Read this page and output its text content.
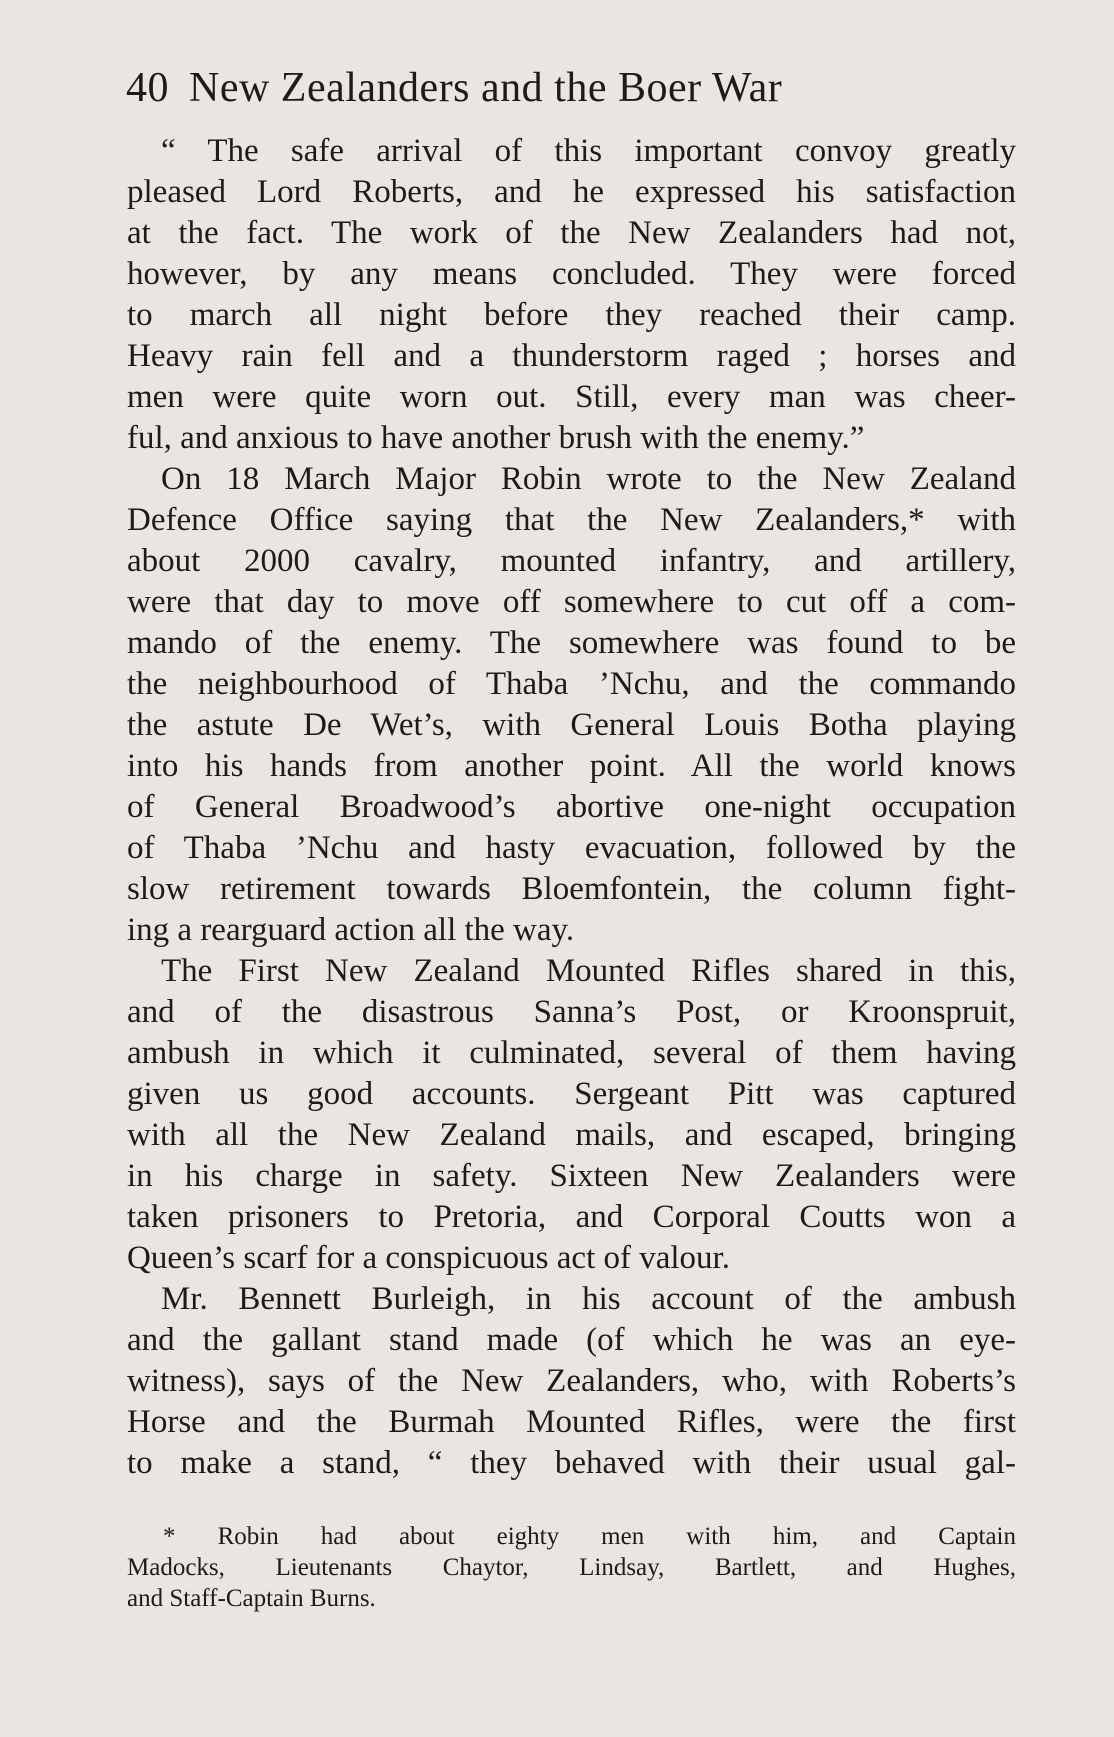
40 New Zealanders and the Boer War
“ The safe arrival of this important convoy greatly
pleased Lord Roberts, and he expressed his satisfaction
at the fact. The work of the New Zealanders had not,
however, by any means concluded. They were forced
to march all night before they reached their camp.
Heavy rain fell and a thunderstorm raged ; horses and
men were quite worn out. Still, every man was cheer-
ful, and anxious to have another brush with the enemy.”
On 18 March Major Robin wrote to the New Zealand
Defence Office saying that the New Zealanders,* with
about 2000 cavalry, mounted infantry, and artillery,
were that day to move off somewhere to cut off a com-
mando of the enemy. The somewhere was found to be
the neighbourhood of Thaba ’Nchu, and the commando
the astute De Wet’s, with General Louis Botha playing
into his hands from another point. All the world knows
of General Broadwood’s abortive one-night occupation
of Thaba ’Nchu and hasty evacuation, followed by the
slow retirement towards Bloemfontein, the column fight-
ing a rearguard action all the way.
The First New Zealand Mounted Rifles shared in this,
and of the disastrous Sanna’s Post, or Kroonspruit,
ambush in which it culminated, several of them having
given us good accounts. Sergeant Pitt was captured
with all the New Zealand mails, and escaped, bringing
in his charge in safety. Sixteen New Zealanders were
taken prisoners to Pretoria, and Corporal Coutts won a
Queen’s scarf for a conspicuous act of valour.
Mr. Bennett Burleigh, in his account of the ambush
and the gallant stand made (of which he was an eye-
witness), says of the New Zealanders, who, with Roberts’s
Horse and the Burmah Mounted Rifles, were the first
to make a stand, “ they behaved with their usual gal-
* Robin had about eighty men with him, and Captain
Madocks, Lieutenants Chaytor, Lindsay, Bartlett, and Hughes,
and Staff-Captain Burns.
